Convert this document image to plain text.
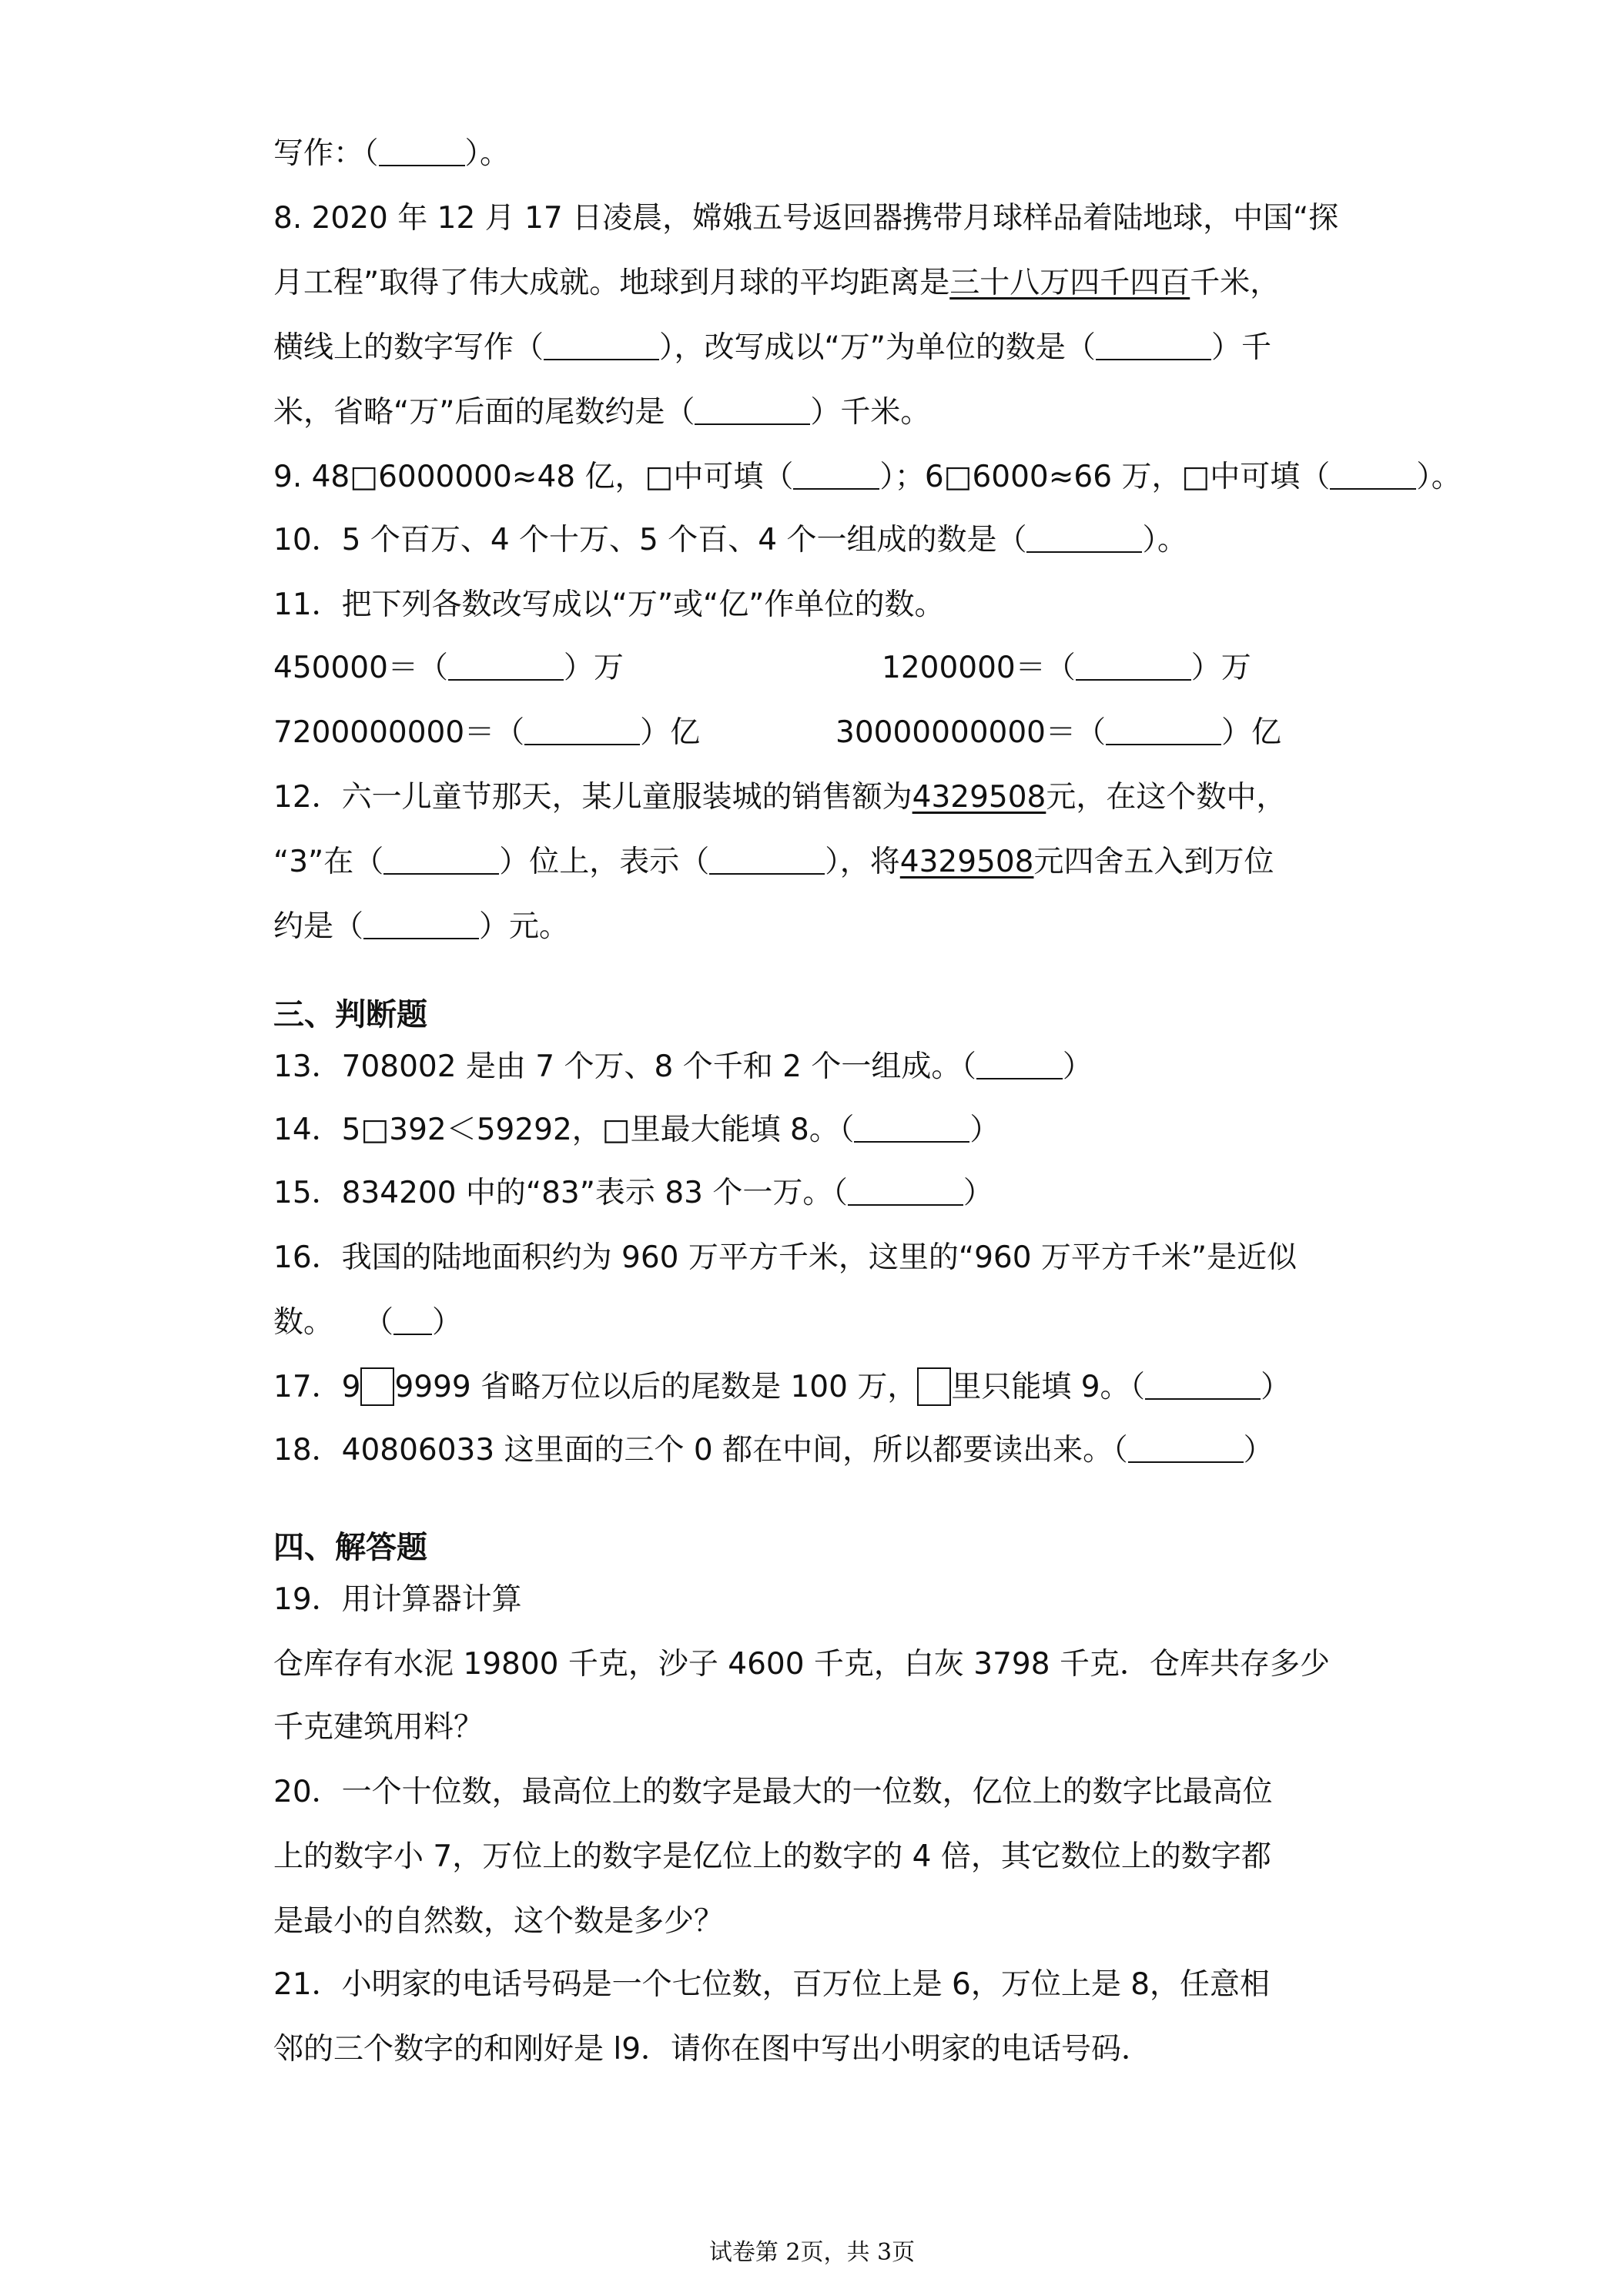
写作：（	）。
8. 2020 年 12 月 17 日凌晨，嫦娥五号返回器携带月球样品着陆地球，中国“探
月工程”取得了伟大成就。地球到月球的平均距离是三十八万四千四百千米，
横线上的数字写作（	），改写成以“万”为单位的数是（	）千
米，省略“万”后面的尾数约是（	）千米。
9. 48□6000000≈48 亿，□中可填（	）；6□6000≈66 万，□中可填（	）。
10．5 个百万、4 个十万、5 个百、4 个一组成的数是（	）。
11．把下列各数改写成以“万”或“亿”作单位的数。
450000＝（	）万	1200000＝（	）万
7200000000＝（	）亿	30000000000＝（	）亿
12．六一儿童节那天，某儿童服装城的销售额为4329508元，在这个数中，
“3”在（	）位上，表示（	），将4329508元四舍五入到万位
约是（	）元。
三、判断题
13．708002 是由 7 个万、8 个千和 2 个一组成。（	）
14．5□392＜59292，□里最大能填 8。（	）
15．834200 中的“83”表示 83 个一万。（	）
16．我国的陆地面积约为 960 万平方千米，这里的“960 万平方千米”是近似
数。　　（ ）
17．9 9999 省略万位以后的尾数是 100 万， 里只能填 9。（	）
18．40806033 这里面的三个 0 都在中间，所以都要读出来。（	）
四、解答题
19．用计算器计算
仓库存有水泥 19800 千克，沙子 4600 千克，白灰 3798 千克．仓库共存多少
千克建筑用料？
20．一个十位数，最高位上的数字是最大的一位数，亿位上的数字比最高位
上的数字小 7，万位上的数字是亿位上的数字的 4 倍，其它数位上的数字都
是最小的自然数，这个数是多少？
21．小明家的电话号码是一个七位数，百万位上是 6，万位上是 8，任意相
邻的三个数字的和刚好是 l9．请你在图中写出小明家的电话号码．
试卷第 2页，共 3页
